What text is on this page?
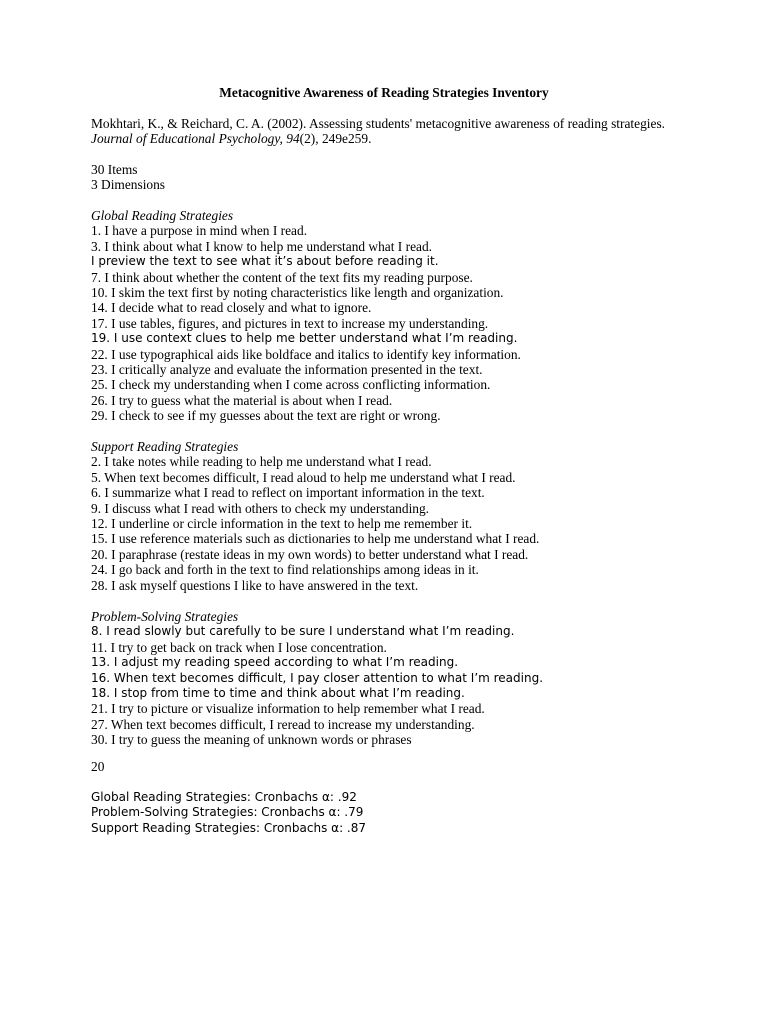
Metacognitive Awareness of Reading Strategies Inventory
Mokhtari, K., & Reichard, C. A. (2002). Assessing students' metacognitive awareness of reading strategies. Journal of Educational Psychology, 94(2), 249e259.
30 Items
3 Dimensions
Global Reading Strategies
1. I have a purpose in mind when I read.
3. I think about what I know to help me understand what I read.
I preview the text to see what it’s about before reading it.
7. I think about whether the content of the text fits my reading purpose.
10. I skim the text first by noting characteristics like length and organization.
14. I decide what to read closely and what to ignore.
17. I use tables, figures, and pictures in text to increase my understanding.
19. I use context clues to help me better understand what I’m reading.
22. I use typographical aids like boldface and italics to identify key information.
23. I critically analyze and evaluate the information presented in the text.
25. I check my understanding when I come across conflicting information.
26. I try to guess what the material is about when I read.
29. I check to see if my guesses about the text are right or wrong.
Support Reading Strategies
2. I take notes while reading to help me understand what I read.
5. When text becomes difficult, I read aloud to help me understand what I read.
6. I summarize what I read to reflect on important information in the text.
9. I discuss what I read with others to check my understanding.
12. I underline or circle information in the text to help me remember it.
15. I use reference materials such as dictionaries to help me understand what I read.
20. I paraphrase (restate ideas in my own words) to better understand what I read.
24. I go back and forth in the text to find relationships among ideas in it.
28. I ask myself questions I like to have answered in the text.
Problem-Solving Strategies
8. I read slowly but carefully to be sure I understand what I’m reading.
11. I try to get back on track when I lose concentration.
13. I adjust my reading speed according to what I’m reading.
16. When text becomes difficult, I pay closer attention to what I’m reading.
18. I stop from time to time and think about what I’m reading.
21. I try to picture or visualize information to help remember what I read.
27. When text becomes difficult, I reread to increase my understanding.
30. I try to guess the meaning of unknown words or phrases
20
Global Reading Strategies: Cronbachs α: .92
Problem-Solving Strategies: Cronbachs α: .79
Support Reading Strategies: Cronbachs α: .87
